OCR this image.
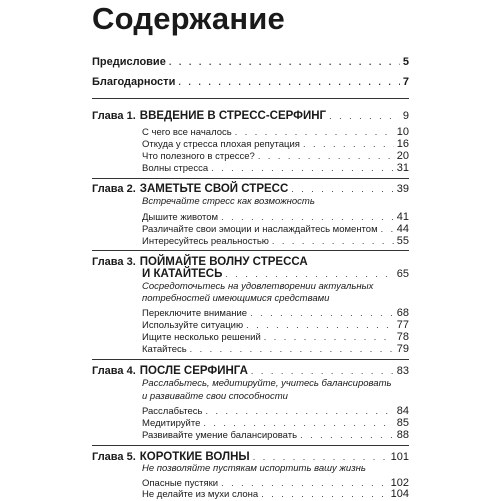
Содержание
Предисловие . . .	5
Благодарности . . .	7
Глава 1. ВВЕДЕНИЕ В СТРЕСС-СЕРФИНГ . . .	9
С чего все началось . . .	10
Откуда у стресса плохая репутация . . .	16
Что полезного в стрессе? . . .	20
Волны стресса . . .	31
Глава 2. ЗАМЕТЬТЕ СВОЙ СТРЕСС . . .	39
Встречайте стресс как возможность
Дышите животом . . .	41
Различайте свои эмоции и наслаждайтесь моментом . . . 44
Интересуйтесь реальностью . . .	55
Глава 3. ПОЙМАЙТЕ ВОЛНУ СТРЕССА
И КАТАЙТЕСЬ . . .	65
Сосредоточьтесь на удовлетворении актуальных
потребностей имеющимися средствами
Переключите внимание . . .	68
Используйте ситуацию . . .	77
Ищите несколько решений . . .	78
Катайтесь . . .	79
Глава 4. ПОСЛЕ СЕРФИНГА . . .	83
Расслабьтесь, медитируйте, учитесь балансировать
и развивайте свои способности
Расслабьтесь . . .	84
Медитируйте . . .	85
Развивайте умение балансировать . . .	88
Глава 5. КОРОТКИЕ ВОЛНЫ . . .	101
Не позволяйте пустякам испортить вашу жизнь
Опасные пустяки . . .	102
Не делайте из мухи слона . . .	104
